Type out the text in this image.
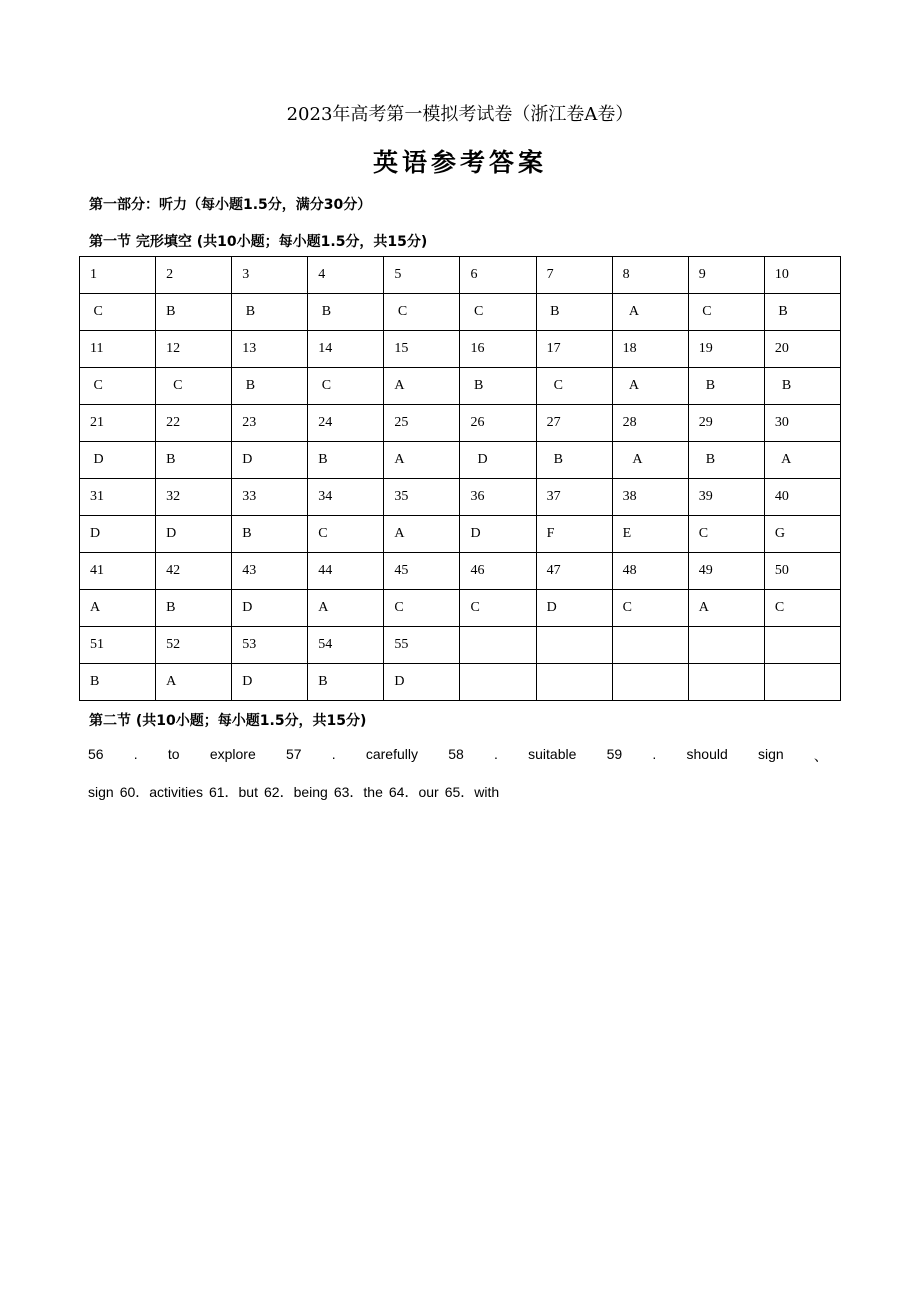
2023年高考第一模拟考试卷（浙江卷A卷）
英语参考答案
第一部分：听力（每小题1.5分，满分30分）
第一节 完形填空 (共10小题；每小题1.5分，共15分)
1	2	3	4	5	6	7	8	9	10
C	B	B	B	C	C	B	A	C	B
11	12	13	14	15	16	17	18	19	20
C	C	B	C	A	B	C	A	B	B
21	22	23	24	25	26	27	28	29	30
D	B	D	B	A	D	B	A	B	A
31	32	33	34	35	36	37	38	39	40
D	D	B	C	A	D	F	E	C	G
41	42	43	44	45	46	47	48	49	50
A	B	D	A	C	C	D	C	A	C
51	52	53	54	55					
B	A	D	B	D					
第二节 (共10小题；每小题1.5分，共15分)
56 . to explore 57 . carefully 58 . suitable 59 . should sign 、
sign 60．activities 61．but 62．being 63．the 64．our 65．with
